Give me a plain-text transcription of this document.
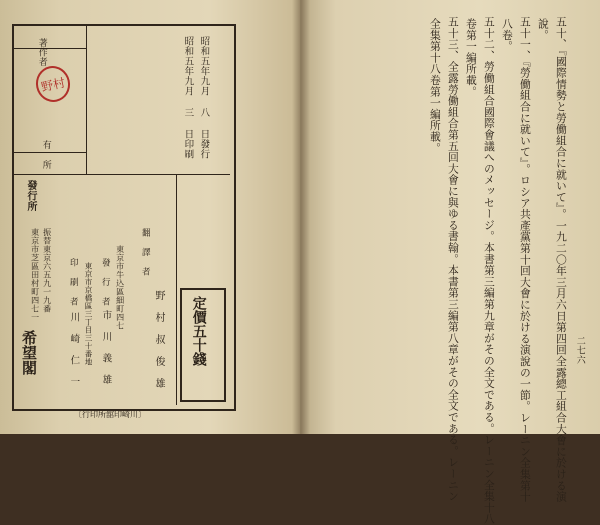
著作者
野村
有 所	昭和五年九月 三 日印刷 昭和五年九月 八 日發行
發行所
東京市芝區田村町四七一 振替東京六五九一九番
希望閣
翻 譯 者
野 村 叔 俊 雄
東京市牛込區細町四七
發 行 者
市 川 義 雄
東京市京橋區三丁目三十番地
印 刷 者
川 崎 仁 一	定價五十錢
〔行印所舘印崎川〕
二七六
五十、『國際情勢と勞働組合に就いて』。一九二〇年三月六日第四回全露總工組合大會に於ける演
說。
五十一、『勞働組合に就いて』。ロシア共產黨第十回大會に於ける演說の一節。レーニン全集第十
八卷。
五十二、勞働組合國際會議へのメッセージ。本書第三編第九章がその全文である。レーニン全集十八
卷第一編所載。
五十三、全露勞働組合第五回大會に與ゆる書翰。本書第三編第八章がその全文である。レーニン
全集第十八卷第一編所載。
